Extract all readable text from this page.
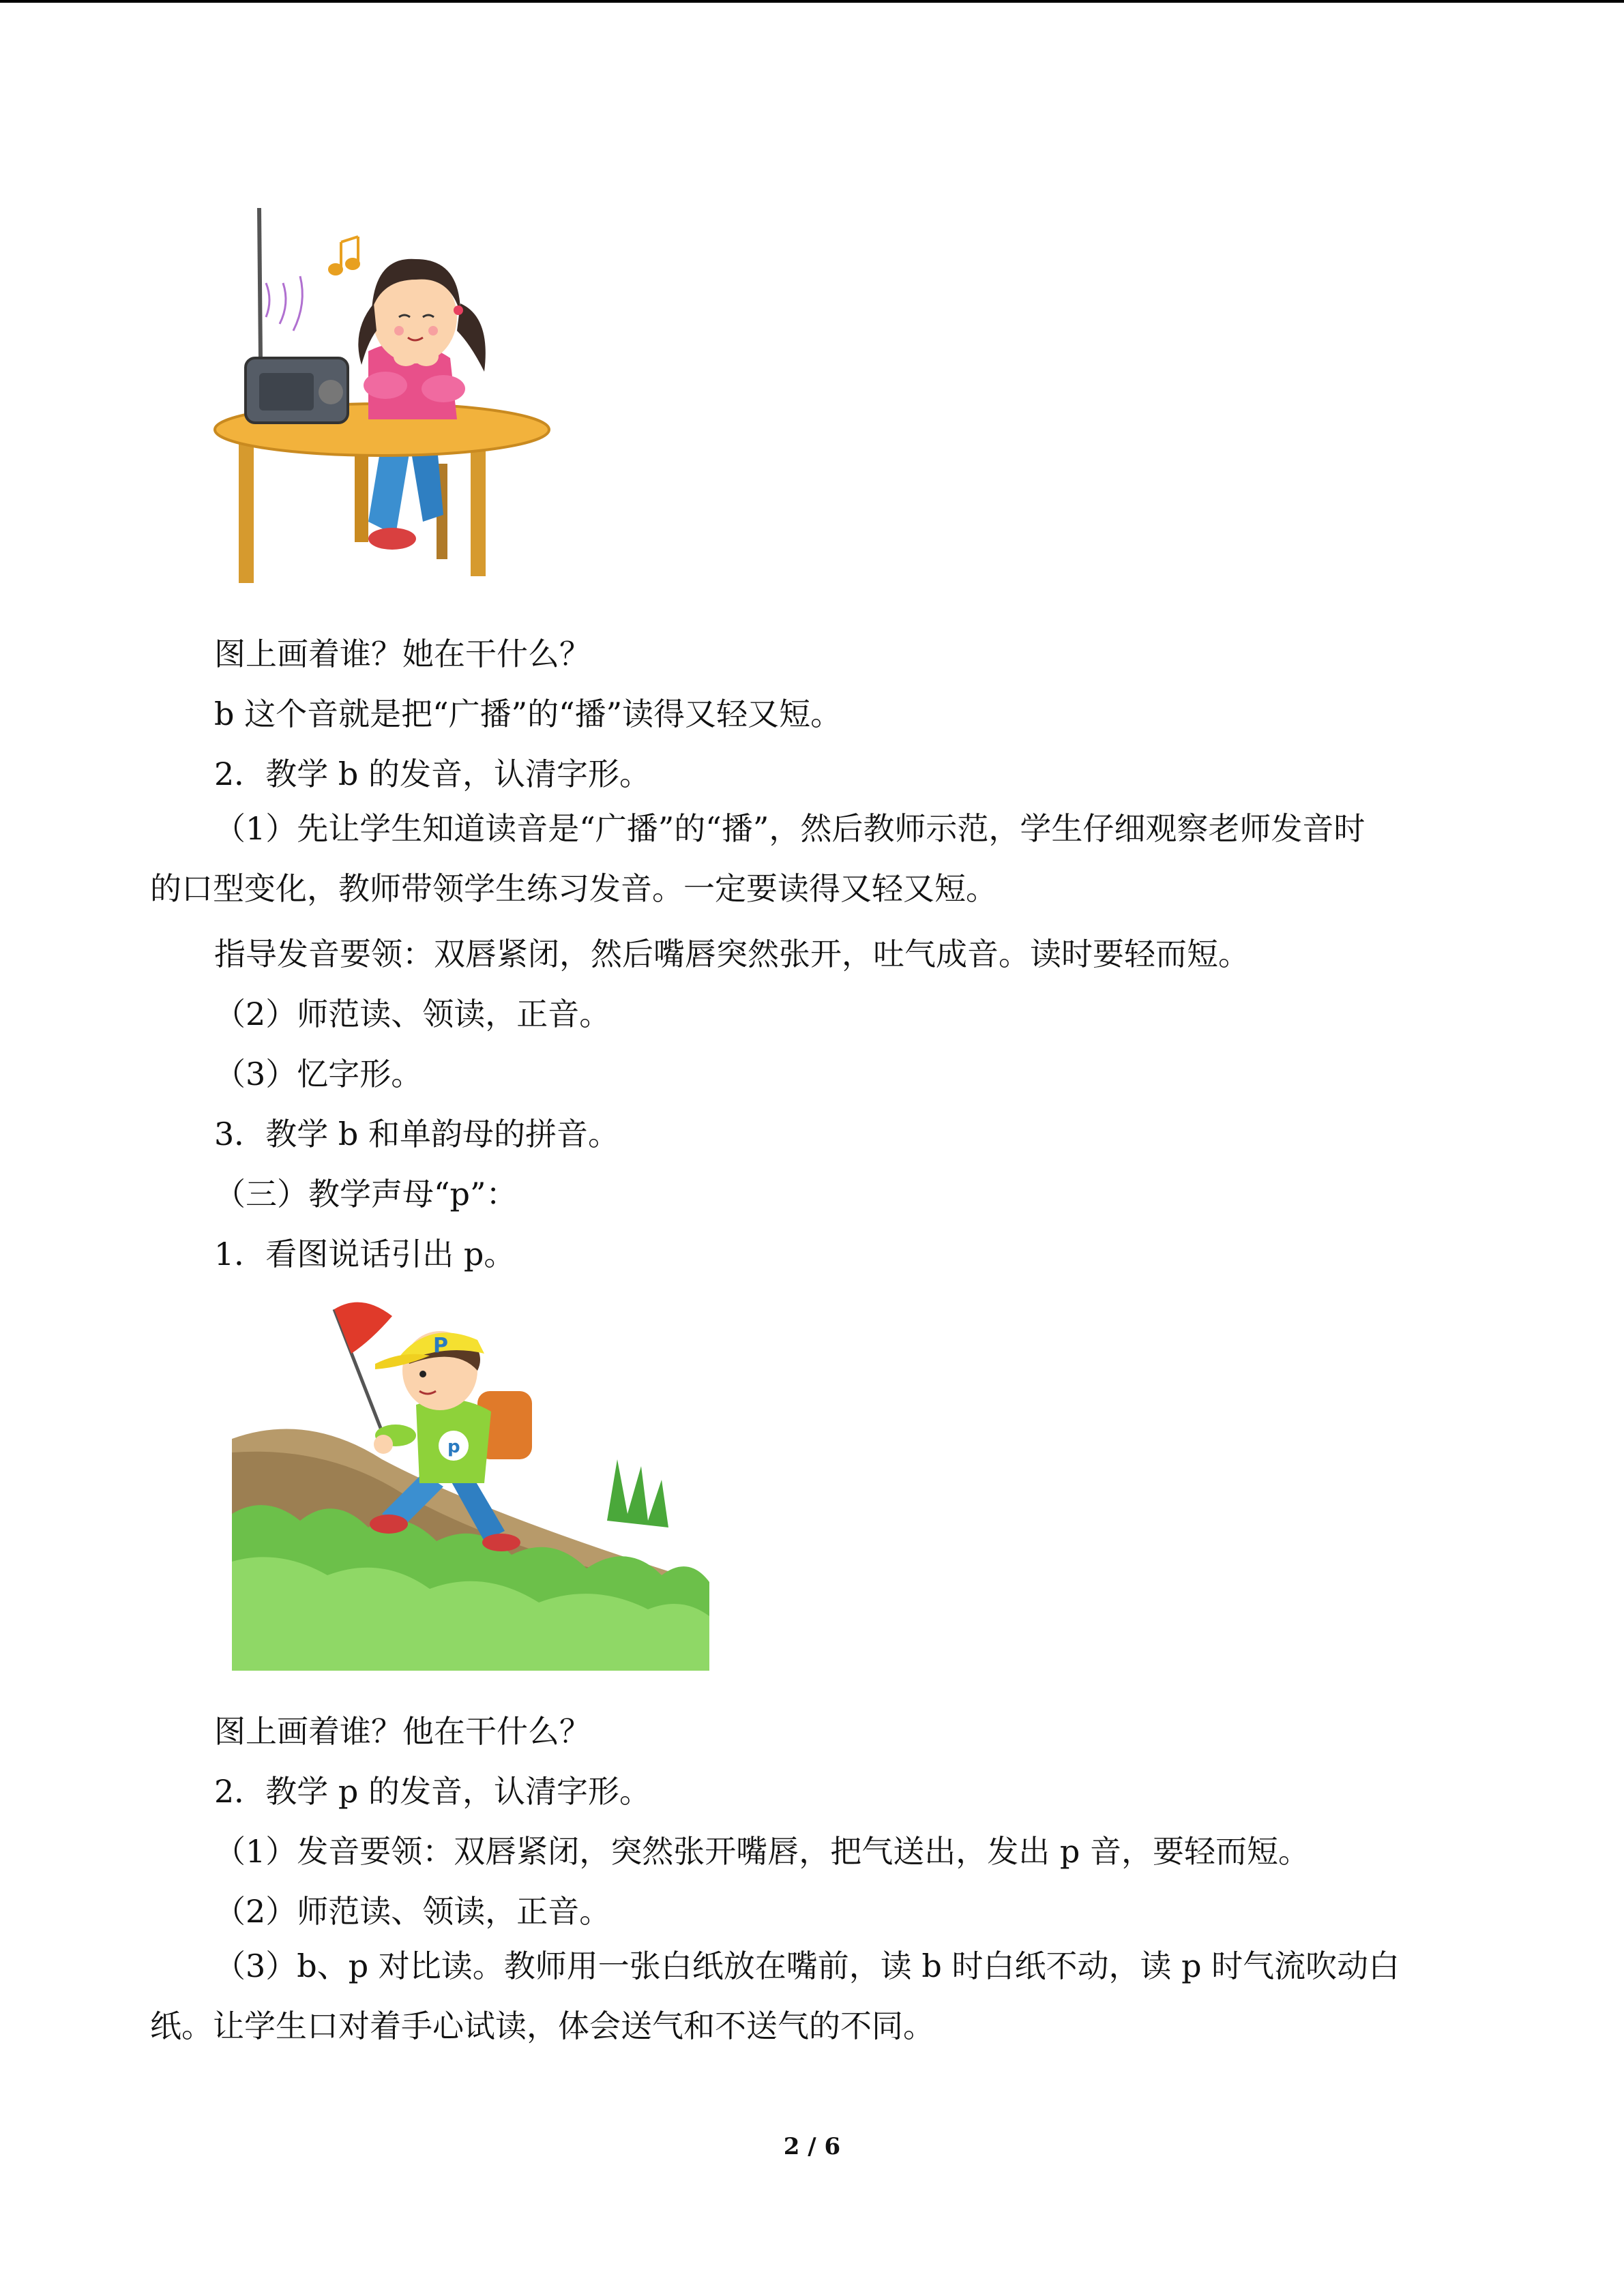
图上画着谁？她在干什么？
b 这个音就是把“广播”的“播”读得又轻又短。
2．教学 b 的发音，认清字形。
（1）先让学生知道读音是“广播”的“播”，然后教师示范，学生仔细观察老师发音时
的口型变化，教师带领学生练习发音。一定要读得又轻又短。
指导发音要领：双唇紧闭，然后嘴唇突然张开，吐气成音。读时要轻而短。
（2）师范读、领读，正音。
（3）忆字形。
3．教学 b 和单韵母的拼音。
（三）教学声母“p”：
1．看图说话引出 p。
p
P
图上画着谁？他在干什么？
2．教学 p 的发音，认清字形。
（1）发音要领：双唇紧闭，突然张开嘴唇，把气送出，发出 p 音，要轻而短。
（2）师范读、领读，正音。
（3）b、p 对比读。教师用一张白纸放在嘴前，读 b 时白纸不动，读 p 时气流吹动白
纸。让学生口对着手心试读，体会送气和不送气的不同。
2 / 6
